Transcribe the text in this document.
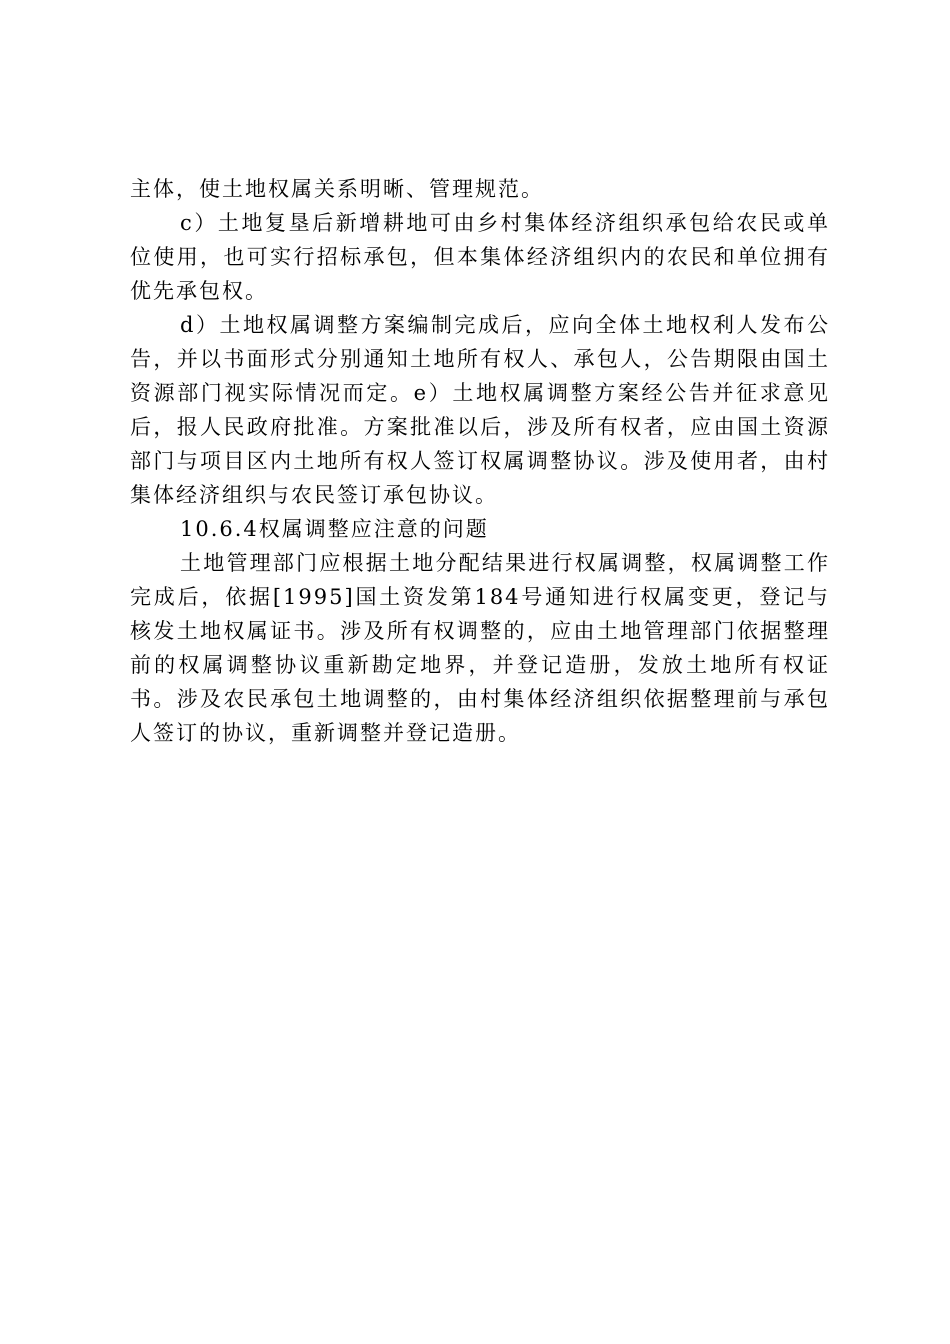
主体，使土地权属关系明晰、管理规范。

c）土地复垦后新增耕地可由乡村集体经济组织承包给农民或单位使用，也可实行招标承包，但本集体经济组织内的农民和单位拥有优先承包权。

d）土地权属调整方案编制完成后，应向全体土地权利人发布公告，并以书面形式分别通知土地所有权人、承包人，公告期限由国土资源部门视实际情况而定。e）土地权属调整方案经公告并征求意见后，报人民政府批准。方案批准以后，涉及所有权者，应由国土资源部门与项目区内土地所有权人签订权属调整协议。涉及使用者，由村集体经济组织与农民签订承包协议。

10.6.4权属调整应注意的问题

土地管理部门应根据土地分配结果进行权属调整，权属调整工作完成后，依据[1995]国土资发第184号通知进行权属变更，登记与核发土地权属证书。涉及所有权调整的，应由土地管理部门依据整理前的权属调整协议重新勘定地界，并登记造册，发放土地所有权证书。涉及农民承包土地调整的，由村集体经济组织依据整理前与承包人签订的协议，重新调整并登记造册。
